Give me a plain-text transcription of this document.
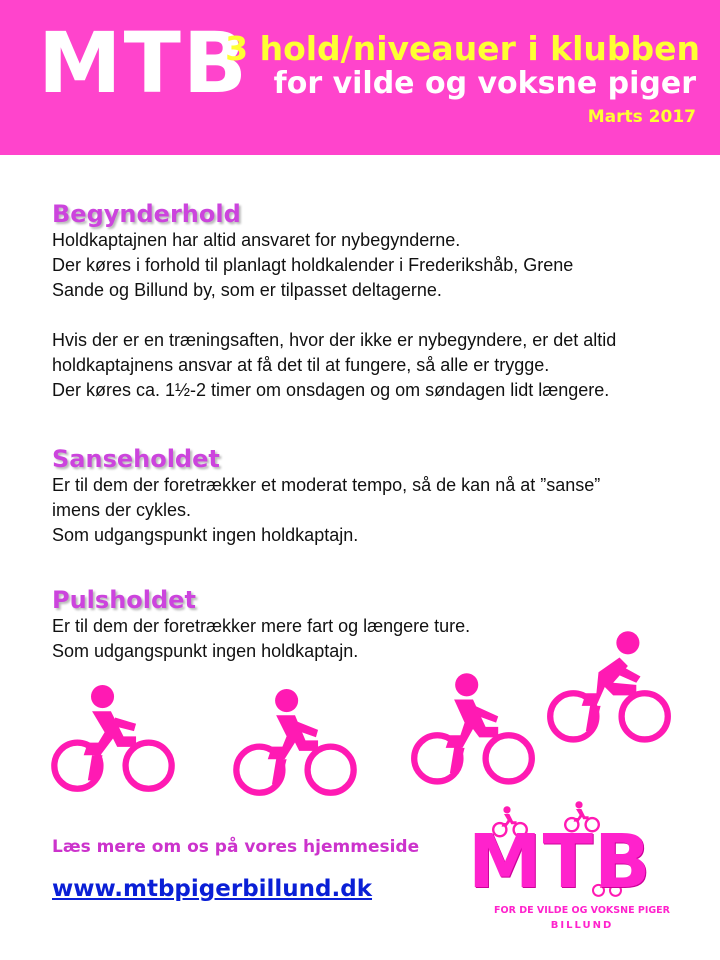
MTB
3 hold/niveauer i klubben
for vilde og voksne piger
Marts 2017
Begynderhold
Holdkaptajnen har altid ansvaret for nybegynderne.
Der køres i forhold til planlagt holdkalender i Frederikshåb, Grene
Sande og Billund by, som er tilpasset deltagerne.
Hvis der er en træningsaften, hvor der ikke er nybegyndere, er det altid
holdkaptajnens ansvar at få det til at fungere, så alle er trygge.
Der køres ca. 1½-2 timer om onsdagen og om søndagen lidt længere.
Sanseholdet
Er til dem der foretrækker et moderat tempo, så de kan nå at ”sanse”
imens der cykles.
Som udgangspunkt ingen holdkaptajn.
Pulsholdet
Er til dem der foretrækker mere fart og længere ture.
Som udgangspunkt ingen holdkaptajn.
Læs mere om os på vores hjemmeside
www.mtbpigerbillund.dk MTB
FOR DE VILDE OG VOKSNE PIGER
BILLUND
